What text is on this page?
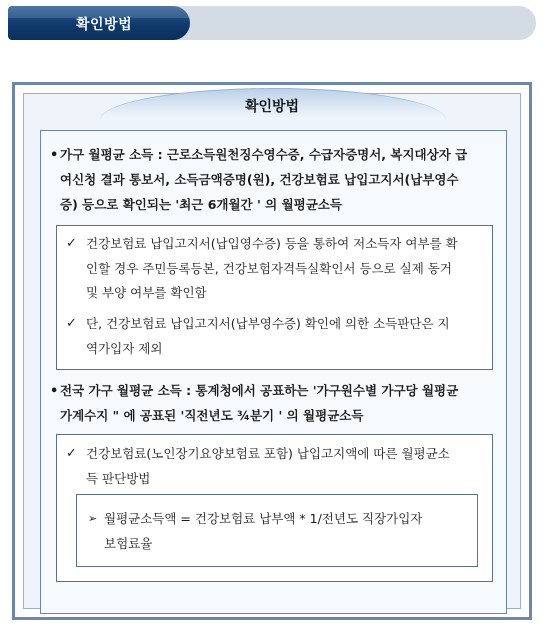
확인방법
확인방법
• 가구 월평균 소득 : 근로소득원천징수영수증, 수급자증명서, 복지대상자 급
여신청 결과 통보서, 소득금액증명(원), 건강보험료 납입고지서(납부영수
증) 등으로 확인되는 '최근 6개월간 ' 의 월평균소득
✓ 건강보험료 납입고지서(납입영수증) 등을 통하여 저소득자 여부를 확
인할 경우 주민등록등본, 건강보험자격득실확인서 등으로 실제 동거
및 부양 여부를 확인함
✓ 단, 건강보험료 납입고지서(납부영수증) 확인에 의한 소득판단은 지
역가입자 제외
• 전국 가구 월평균 소득 : 통계청에서 공표하는 '가구원수별 가구당 월평균
가계수지 " 에 공표된 '직전년도 ¾분기 ' 의 월평균소득
✓ 건강보험료(노인장기요양보험료 포함) 납입고지액에 따른 월평균소
득 판단방법
➢ 월평균소득액 = 건강보험료 납부액 * 1/전년도 직장가입자
보험료율
